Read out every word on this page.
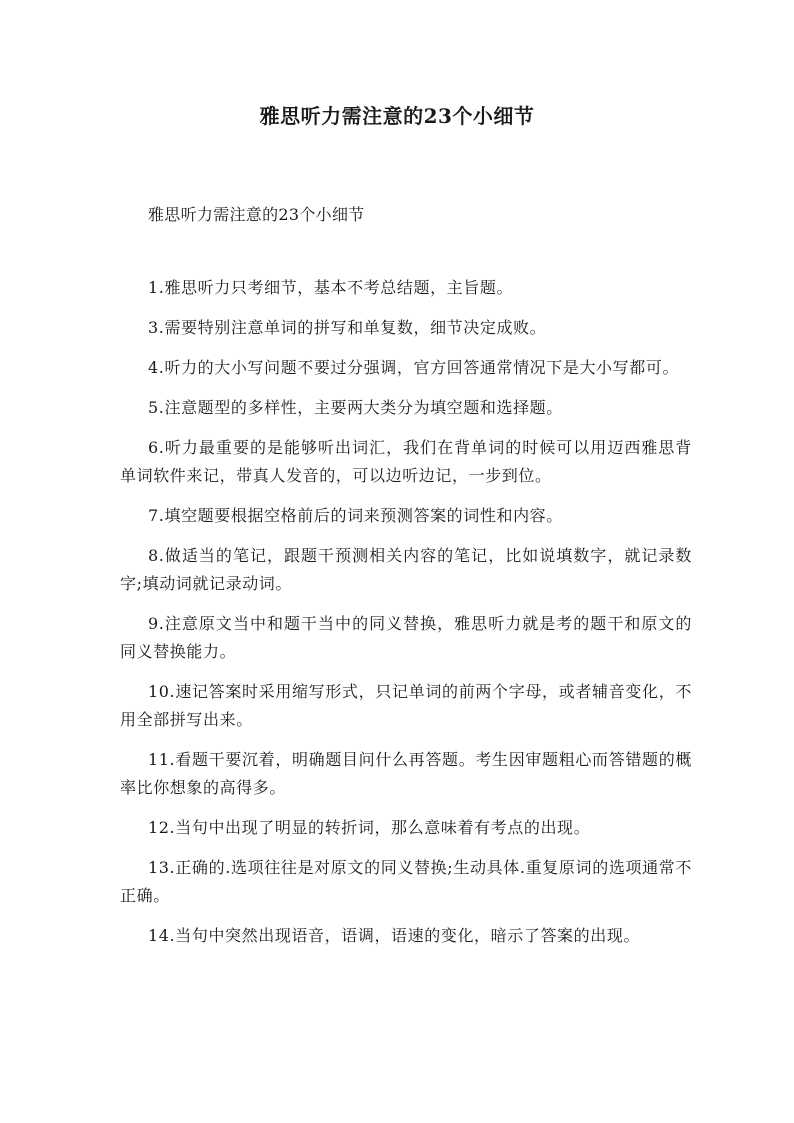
雅思听力需注意的23个小细节
雅思听力需注意的23个小细节

1.雅思听力只考细节，基本不考总结题，主旨题。

3.需要特别注意单词的拼写和单复数，细节决定成败。

4.听力的大小写问题不要过分强调，官方回答通常情况下是大小写都可。

5.注意题型的多样性，主要两大类分为填空题和选择题。

6.听力最重要的是能够听出词汇，我们在背单词的时候可以用迈西雅思背单词软件来记，带真人发音的，可以边听边记，一步到位。

7.填空题要根据空格前后的词来预测答案的词性和内容。

8.做适当的笔记，跟题干预测相关内容的笔记，比如说填数字，就记录数字;填动词就记录动词。

9.注意原文当中和题干当中的同义替换，雅思听力就是考的题干和原文的同义替换能力。

10.速记答案时采用缩写形式，只记单词的前两个字母，或者辅音变化，不用全部拼写出来。

11.看题干要沉着，明确题目问什么再答题。考生因审题粗心而答错题的概率比你想象的高得多。

12.当句中出现了明显的转折词，那么意味着有考点的出现。

13.正确的.选项往往是对原文的同义替换;生动具体.重复原词的选项通常不正确。

14.当句中突然出现语音，语调，语速的变化，暗示了答案的出现。
